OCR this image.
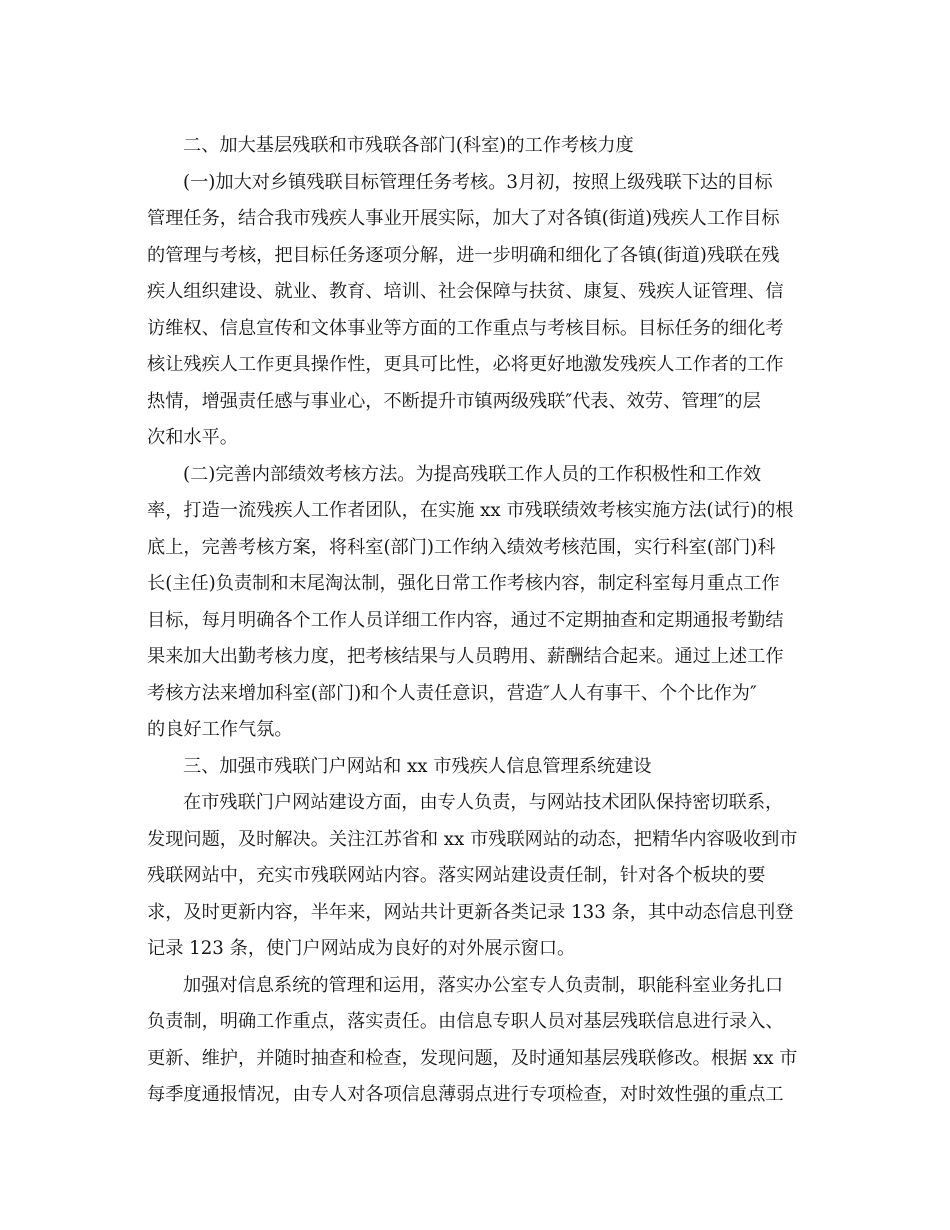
二、加大基层残联和市残联各部门(科室)的工作考核力度

(一)加大对乡镇残联目标管理任务考核。3月初，按照上级残联下达的目标
管理任务，结合我市残疾人事业开展实际，加大了对各镇(街道)残疾人工作目标
的管理与考核，把目标任务逐项分解，进一步明确和细化了各镇(街道)残联在残
疾人组织建设、就业、教育、培训、社会保障与扶贫、康复、残疾人证管理、信
访维权、信息宣传和文体事业等方面的工作重点与考核目标。目标任务的细化考
核让残疾人工作更具操作性，更具可比性，必将更好地激发残疾人工作者的工作
热情，增强责任感与事业心，不断提升市镇两级残联″代表、效劳、管理″的层
次和水平。

(二)完善内部绩效考核方法。为提高残联工作人员的工作积极性和工作效
率，打造一流残疾人工作者团队，在实施 xx 市残联绩效考核实施方法(试行)的根
底上，完善考核方案，将科室(部门)工作纳入绩效考核范围，实行科室(部门)科
长(主任)负责制和末尾淘汰制，强化日常工作考核内容，制定科室每月重点工作
目标，每月明确各个工作人员详细工作内容，通过不定期抽查和定期通报考勤结
果来加大出勤考核力度，把考核结果与人员聘用、薪酬结合起来。通过上述工作
考核方法来增加科室(部门)和个人责任意识，营造″人人有事干、个个比作为″
的良好工作气氛。

三、加强市残联门户网站和 xx 市残疾人信息管理系统建设

在市残联门户网站建设方面，由专人负责，与网站技术团队保持密切联系，
发现问题，及时解决。关注江苏省和 xx 市残联网站的动态，把精华内容吸收到市
残联网站中，充实市残联网站内容。落实网站建设责任制，针对各个板块的要
求，及时更新内容，半年来，网站共计更新各类记录 133 条，其中动态信息刊登
记录 123 条，使门户网站成为良好的对外展示窗口。

加强对信息系统的管理和运用，落实办公室专人负责制，职能科室业务扎口
负责制，明确工作重点，落实责任。由信息专职人员对基层残联信息进行录入、
更新、维护，并随时抽查和检查，发现问题，及时通知基层残联修改。根据 xx 市
每季度通报情况，由专人对各项信息薄弱点进行专项检查，对时效性强的重点工
